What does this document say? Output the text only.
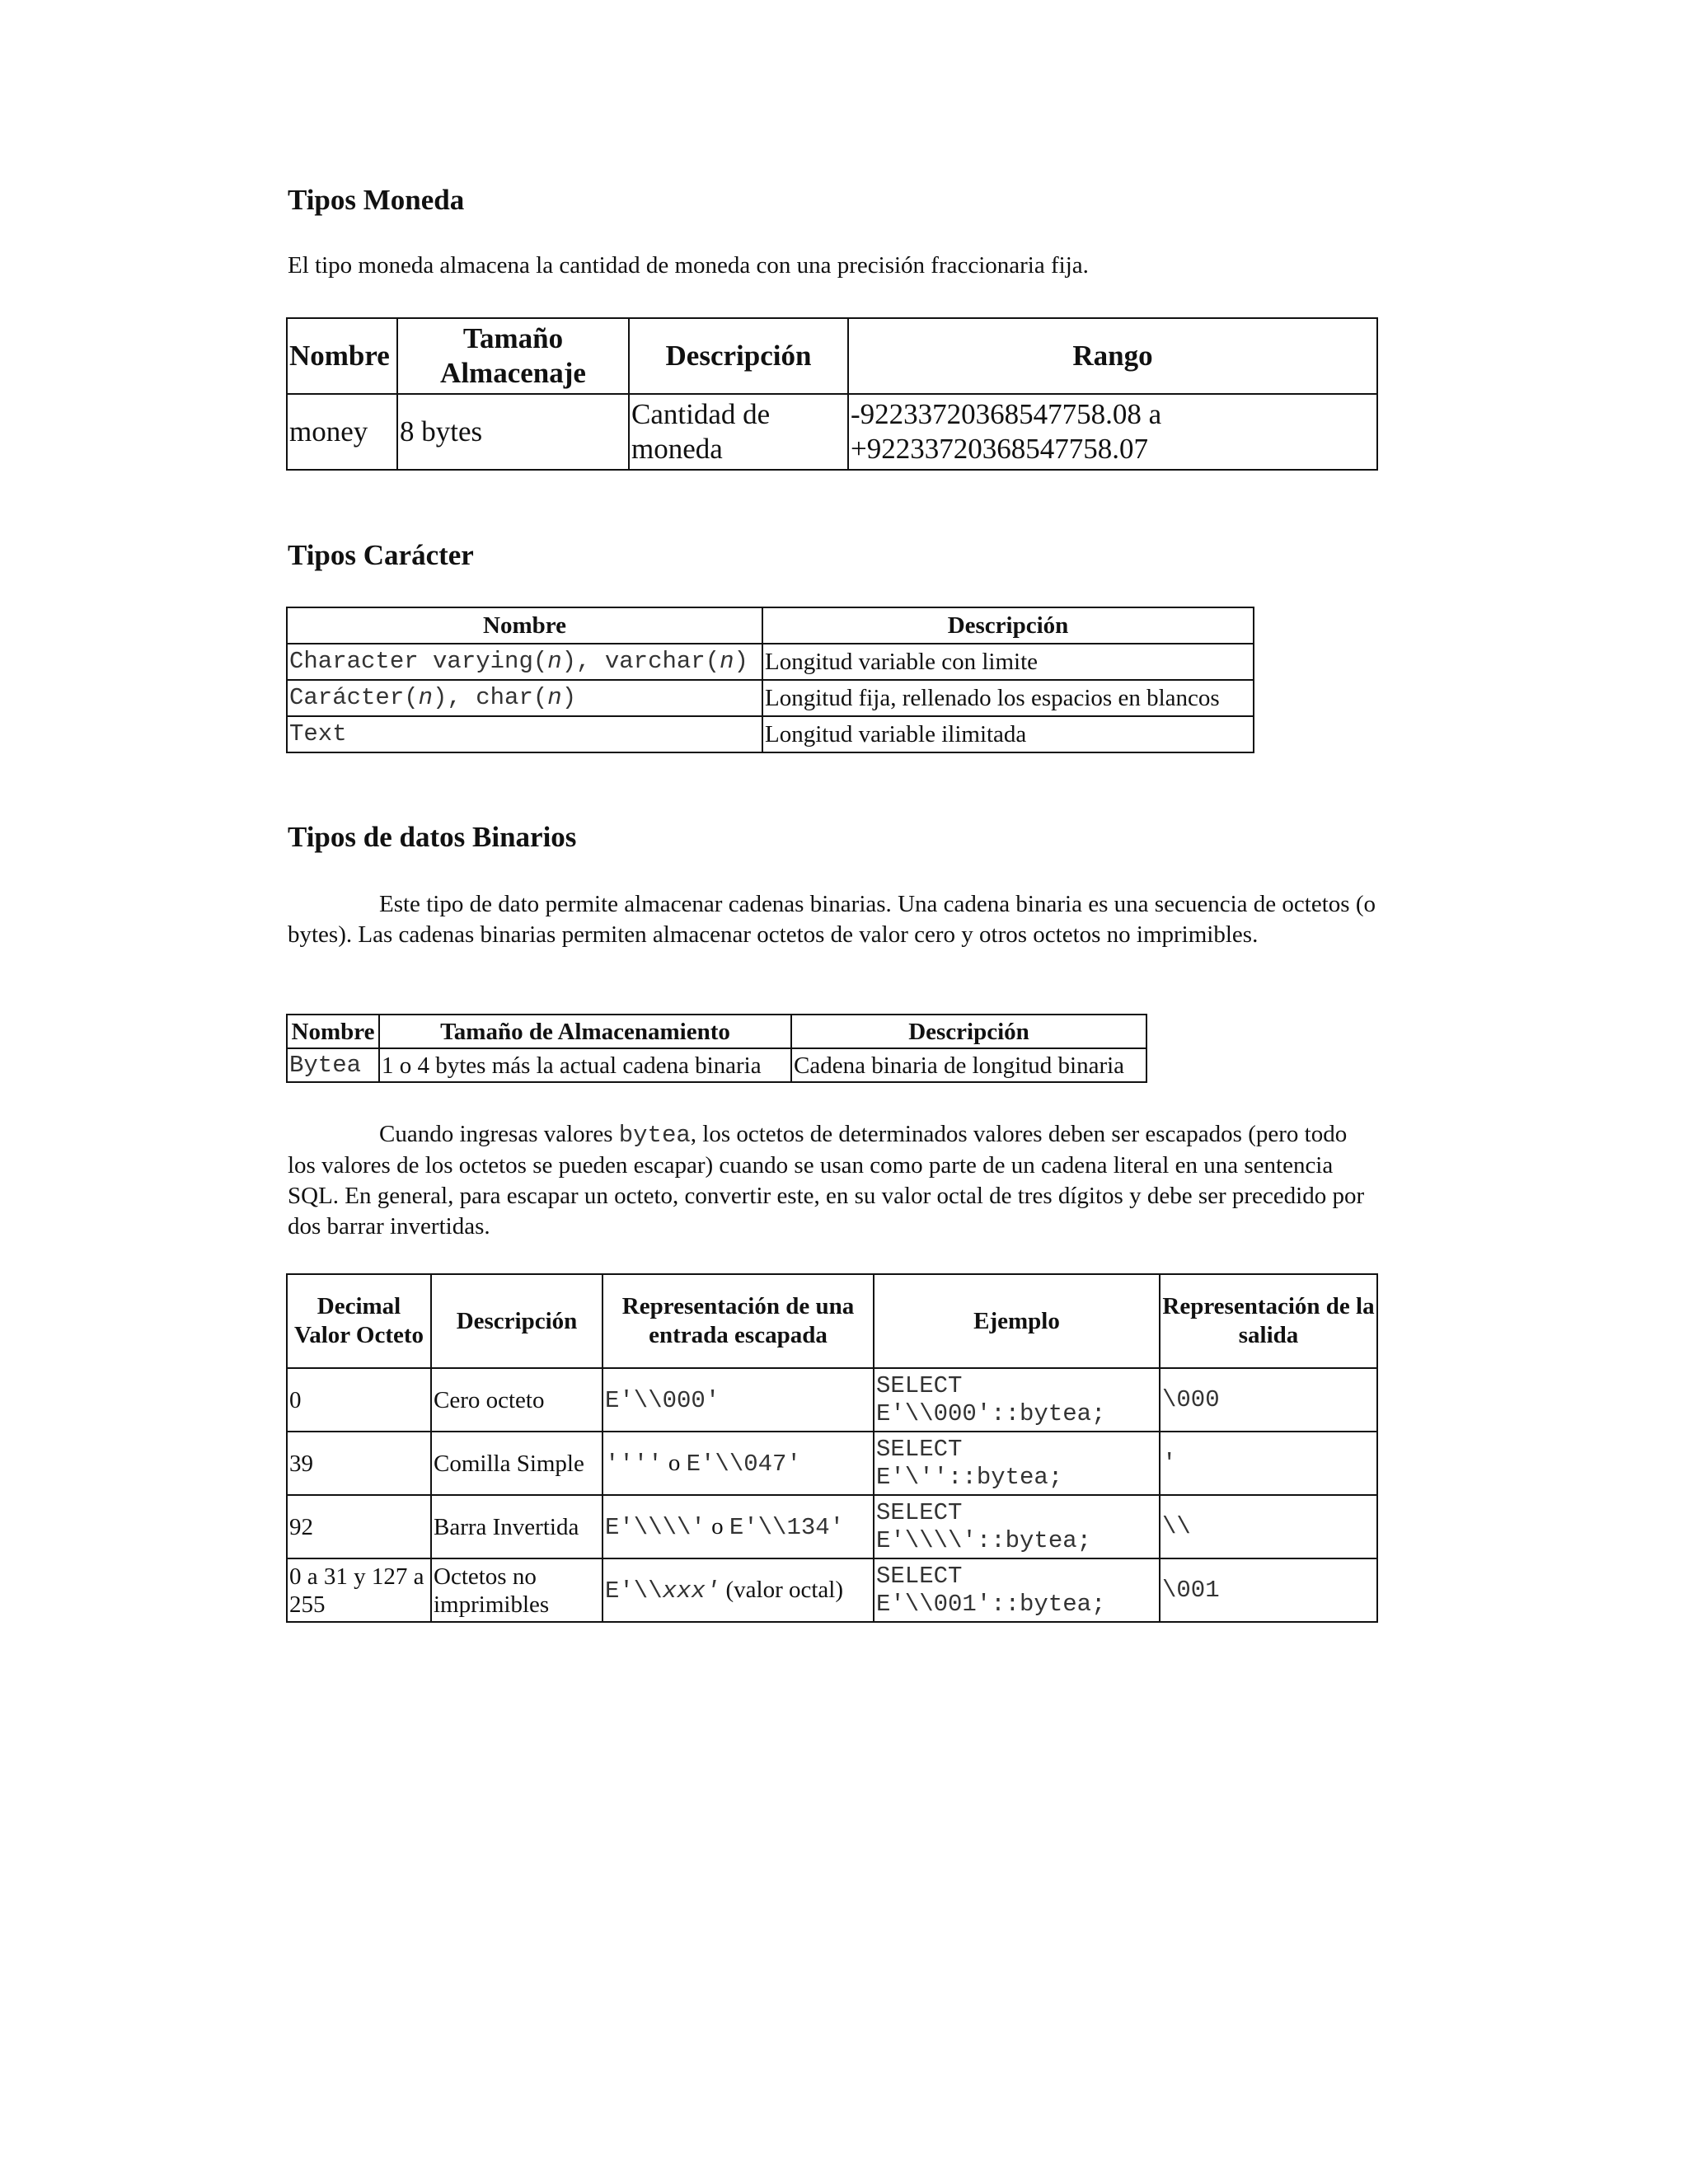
Tipos Moneda

El tipo moneda almacena la cantidad de moneda con una precisión fraccionaria fija.

Nombre	Tamaño Almacenaje	Descripción	Rango
money	8 bytes	Cantidad de moneda	-92233720368547758.08 a
+92233720368547758.07
Tipos Carácter
Nombre	Descripción
Character varying(n), varchar(n)	Longitud variable con limite
Carácter(n), char(n)	Longitud fija, rellenado los espacios en blancos
Text	Longitud variable ilimitada
Tipos de datos Binarios

Este tipo de dato permite almacenar cadenas binarias. Una cadena binaria es una secuencia de octetos (o bytes). Las cadenas binarias permiten almacenar octetos de valor cero y otros octetos no imprimibles.

Nombre	Tamaño de Almacenamiento	Descripción
Bytea	1 o 4 bytes más la actual cadena binaria	Cadena binaria de longitud binaria

Cuando ingresas valores bytea, los octetos de determinados valores deben ser escapados (pero todo los valores de los octetos se pueden escapar) cuando se usan como parte de un cadena literal en una sentencia SQL. En general, para escapar un octeto, convertir este, en su valor octal de tres dígitos y debe ser precedido por dos barrar invertidas.

Decimal Valor Octeto	Descripción	Representación de una entrada escapada	Ejemplo	Representación de la salida
0	Cero octeto	E'\\000'	SELECT
E'\\000'::bytea;	\000
39	Comilla Simple	'''' o E'\\047'	SELECT
E'\''::bytea;	'
92	Barra Invertida	E'\\\\' o E'\\134'	SELECT
E'\\\\'::bytea;	\\
0 a 31 y 127 a 255	Octetos no imprimibles	E'\\xxx' (valor octal)	SELECT
E'\\001'::bytea;	\001
